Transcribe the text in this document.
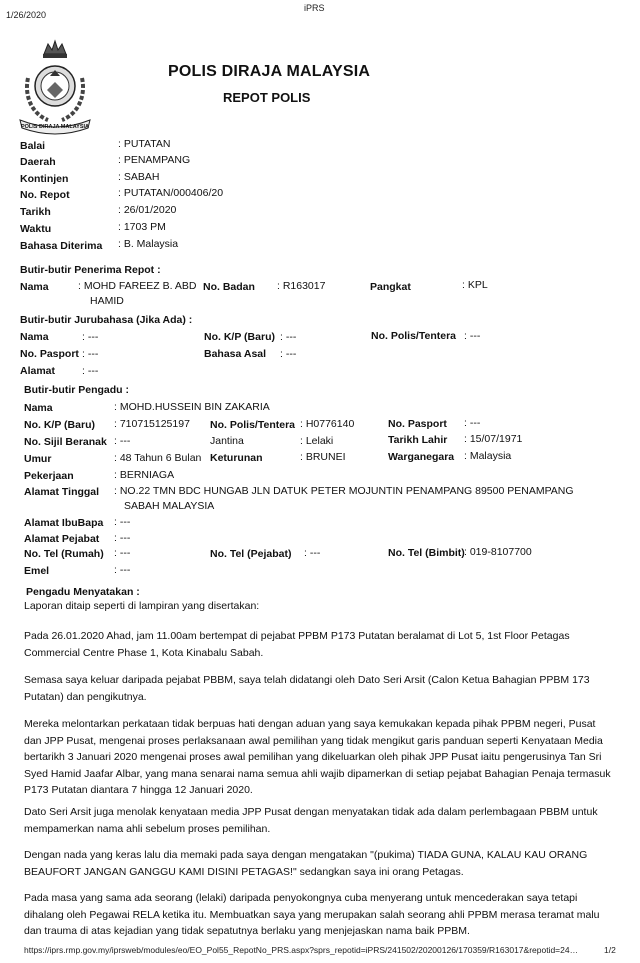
1/26/2020
iPRS
POLIS DIRAJA MALAYSIA
POLIS DIRAJA MALAYSIA
REPOT POLIS
Balai	: PUTATAN
Daerah	: PENAMPANG
Kontinjen	: SABAH
No. Repot	: PUTATAN/000406/20
Tarikh	: 26/01/2020
Waktu	: 1703 PM
Bahasa Diterima : B. Malaysia
Butir-butir Penerima Repot :
Nama	: MOHD FAREEZ B. ABD
HAMID
No. Badan : R163017	Pangkat	: KPL
Butir-butir Jurubahasa (Jika Ada) :
Nama	: ---	No. K/P (Baru) : ---	No. Polis/Tentera : ---
No. Pasport : ---	Bahasa Asal : ---
Alamat	: ---
Butir-butir Pengadu :
Nama	: MOHD.HUSSEIN BIN ZAKARIA
No. K/P (Baru) : 710715125197 No. Polis/Tentera : H0776140	No. Pasport : ---
No. Sijil Beranak : ---	Jantina	: Lelaki	Tarikh Lahir : 15/07/1971
Umur	: 48 Tahun 6 Bulan Keturunan	: BRUNEI	Warganegara : Malaysia
Pekerjaan	: BERNIAGA
Alamat Tinggal : NO.22 TMN BDC HUNGAB JLN DATUK PETER MOJUNTIN PENAMPANG 89500 PENAMPANG
SABAH MALAYSIA
Alamat IbuBapa : ---
Alamat Pejabat : ---
No. Tel (Rumah) : ---	No. Tel (Pejabat) : ---	No. Tel (Bimbit) : 019-8107700
Emel	: ---
Pengadu Menyatakan :
Laporan ditaip seperti di lampiran yang disertakan:
Pada 26.01.2020 Ahad, jam 11.00am bertempat di pejabat PPBM P173 Putatan beralamat di Lot 5, 1st Floor Petagas Commercial Centre Phase 1, Kota Kinabalu Sabah.
Semasa saya keluar daripada pejabat PBBM, saya telah didatangi oleh Dato Seri Arsit (Calon Ketua Bahagian PPBM 173 Putatan) dan pengikutnya.
Mereka melontarkan perkataan tidak berpuas hati dengan aduan yang saya kemukakan kepada pihak PPBM negeri, Pusat dan JPP Pusat, mengenai proses perlaksanaan awal pemilihan yang tidak mengikut garis panduan seperti Kenyataan Media bertarikh 3 Januari 2020 mengenai proses awal pemilihan yang dikeluarkan oleh pihak JPP Pusat iaitu pengerusinya Tan Sri Syed Hamid Jaafar Albar, yang mana senarai nama semua ahli wajib dipamerkan di setiap pejabat Bahagian Penaja termasuk P173 Putatan diantara 7 hingga 12 Januari 2020.
Dato Seri Arsit juga menolak kenyataan media JPP Pusat dengan menyatakan tidak ada dalam perlembagaan PBBM untuk mempamerkan nama ahli sebelum proses pemilihan.
Dengan nada yang keras lalu dia memaki pada saya dengan mengatakan "(pukima) TIADA GUNA, KALAU KAU ORANG BEAUFORT JANGAN GANGGU KAMI DISINI PETAGAS!" sedangkan saya ini orang Petagas.
Pada masa yang sama ada seorang (lelaki) daripada penyokongnya cuba menyerang untuk mencederakan saya tetapi dihalang oleh Pegawai RELA ketika itu. Membuatkan saya yang merupakan salah seorang ahli PPBM merasa teramat malu dan trauma di atas kejadian yang tidak sepatutnya berlaku yang menjejaskan nama baik PPBM.
https://iprs.rmp.gov.my/iprsweb/modules/eo/EO_Pol55_RepotNo_PRS.aspx?sprs_repotid=iPRS/241502/20200126/170359/R163017&repotid=24…	1/2
